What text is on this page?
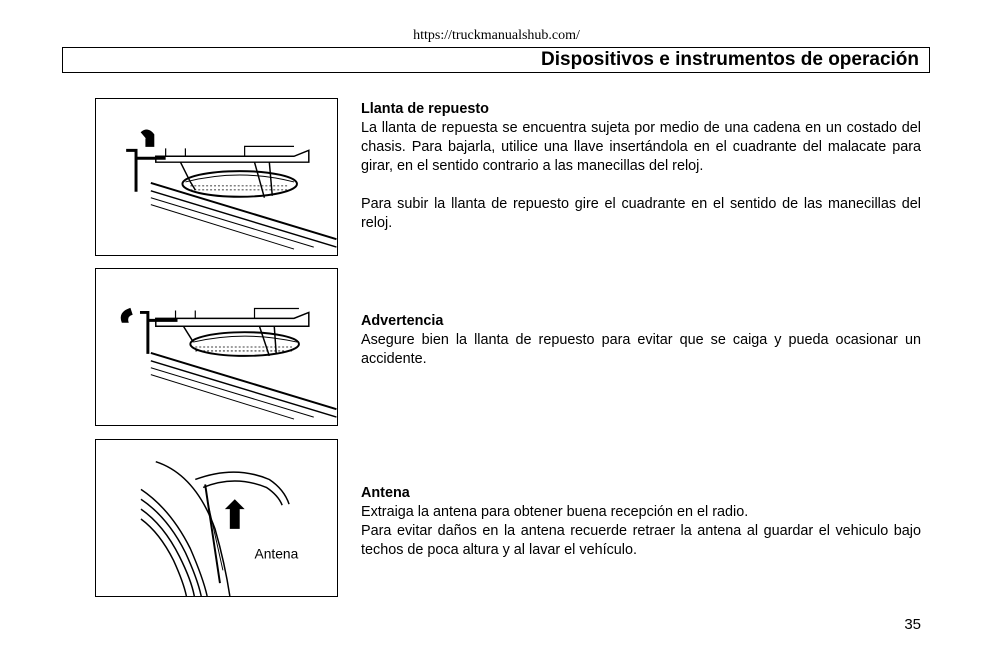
https://truckmanualshub.com/
Dispositivos e instrumentos de operación
Antena
Llanta de repuesto

La llanta de repuesta se encuentra sujeta por medio de una cadena en un costado del chasis. Para bajarla, utilice una llave insertándola en el cuadrante del malacate para girar, en el sentido contrario a las manecillas del reloj.

Para subir la llanta de repuesto gire el cuadrante en el sentido de las manecillas del reloj.

Advertencia

Asegure bien la llanta de repuesto para evitar que se caiga y pueda ocasionar un accidente.

Antena

Extraiga la antena para obtener buena recepción en el radio.

Para evitar daños en la antena recuerde retraer la antena al guardar el vehiculo bajo techos de poca altura y al lavar el vehículo.

35
